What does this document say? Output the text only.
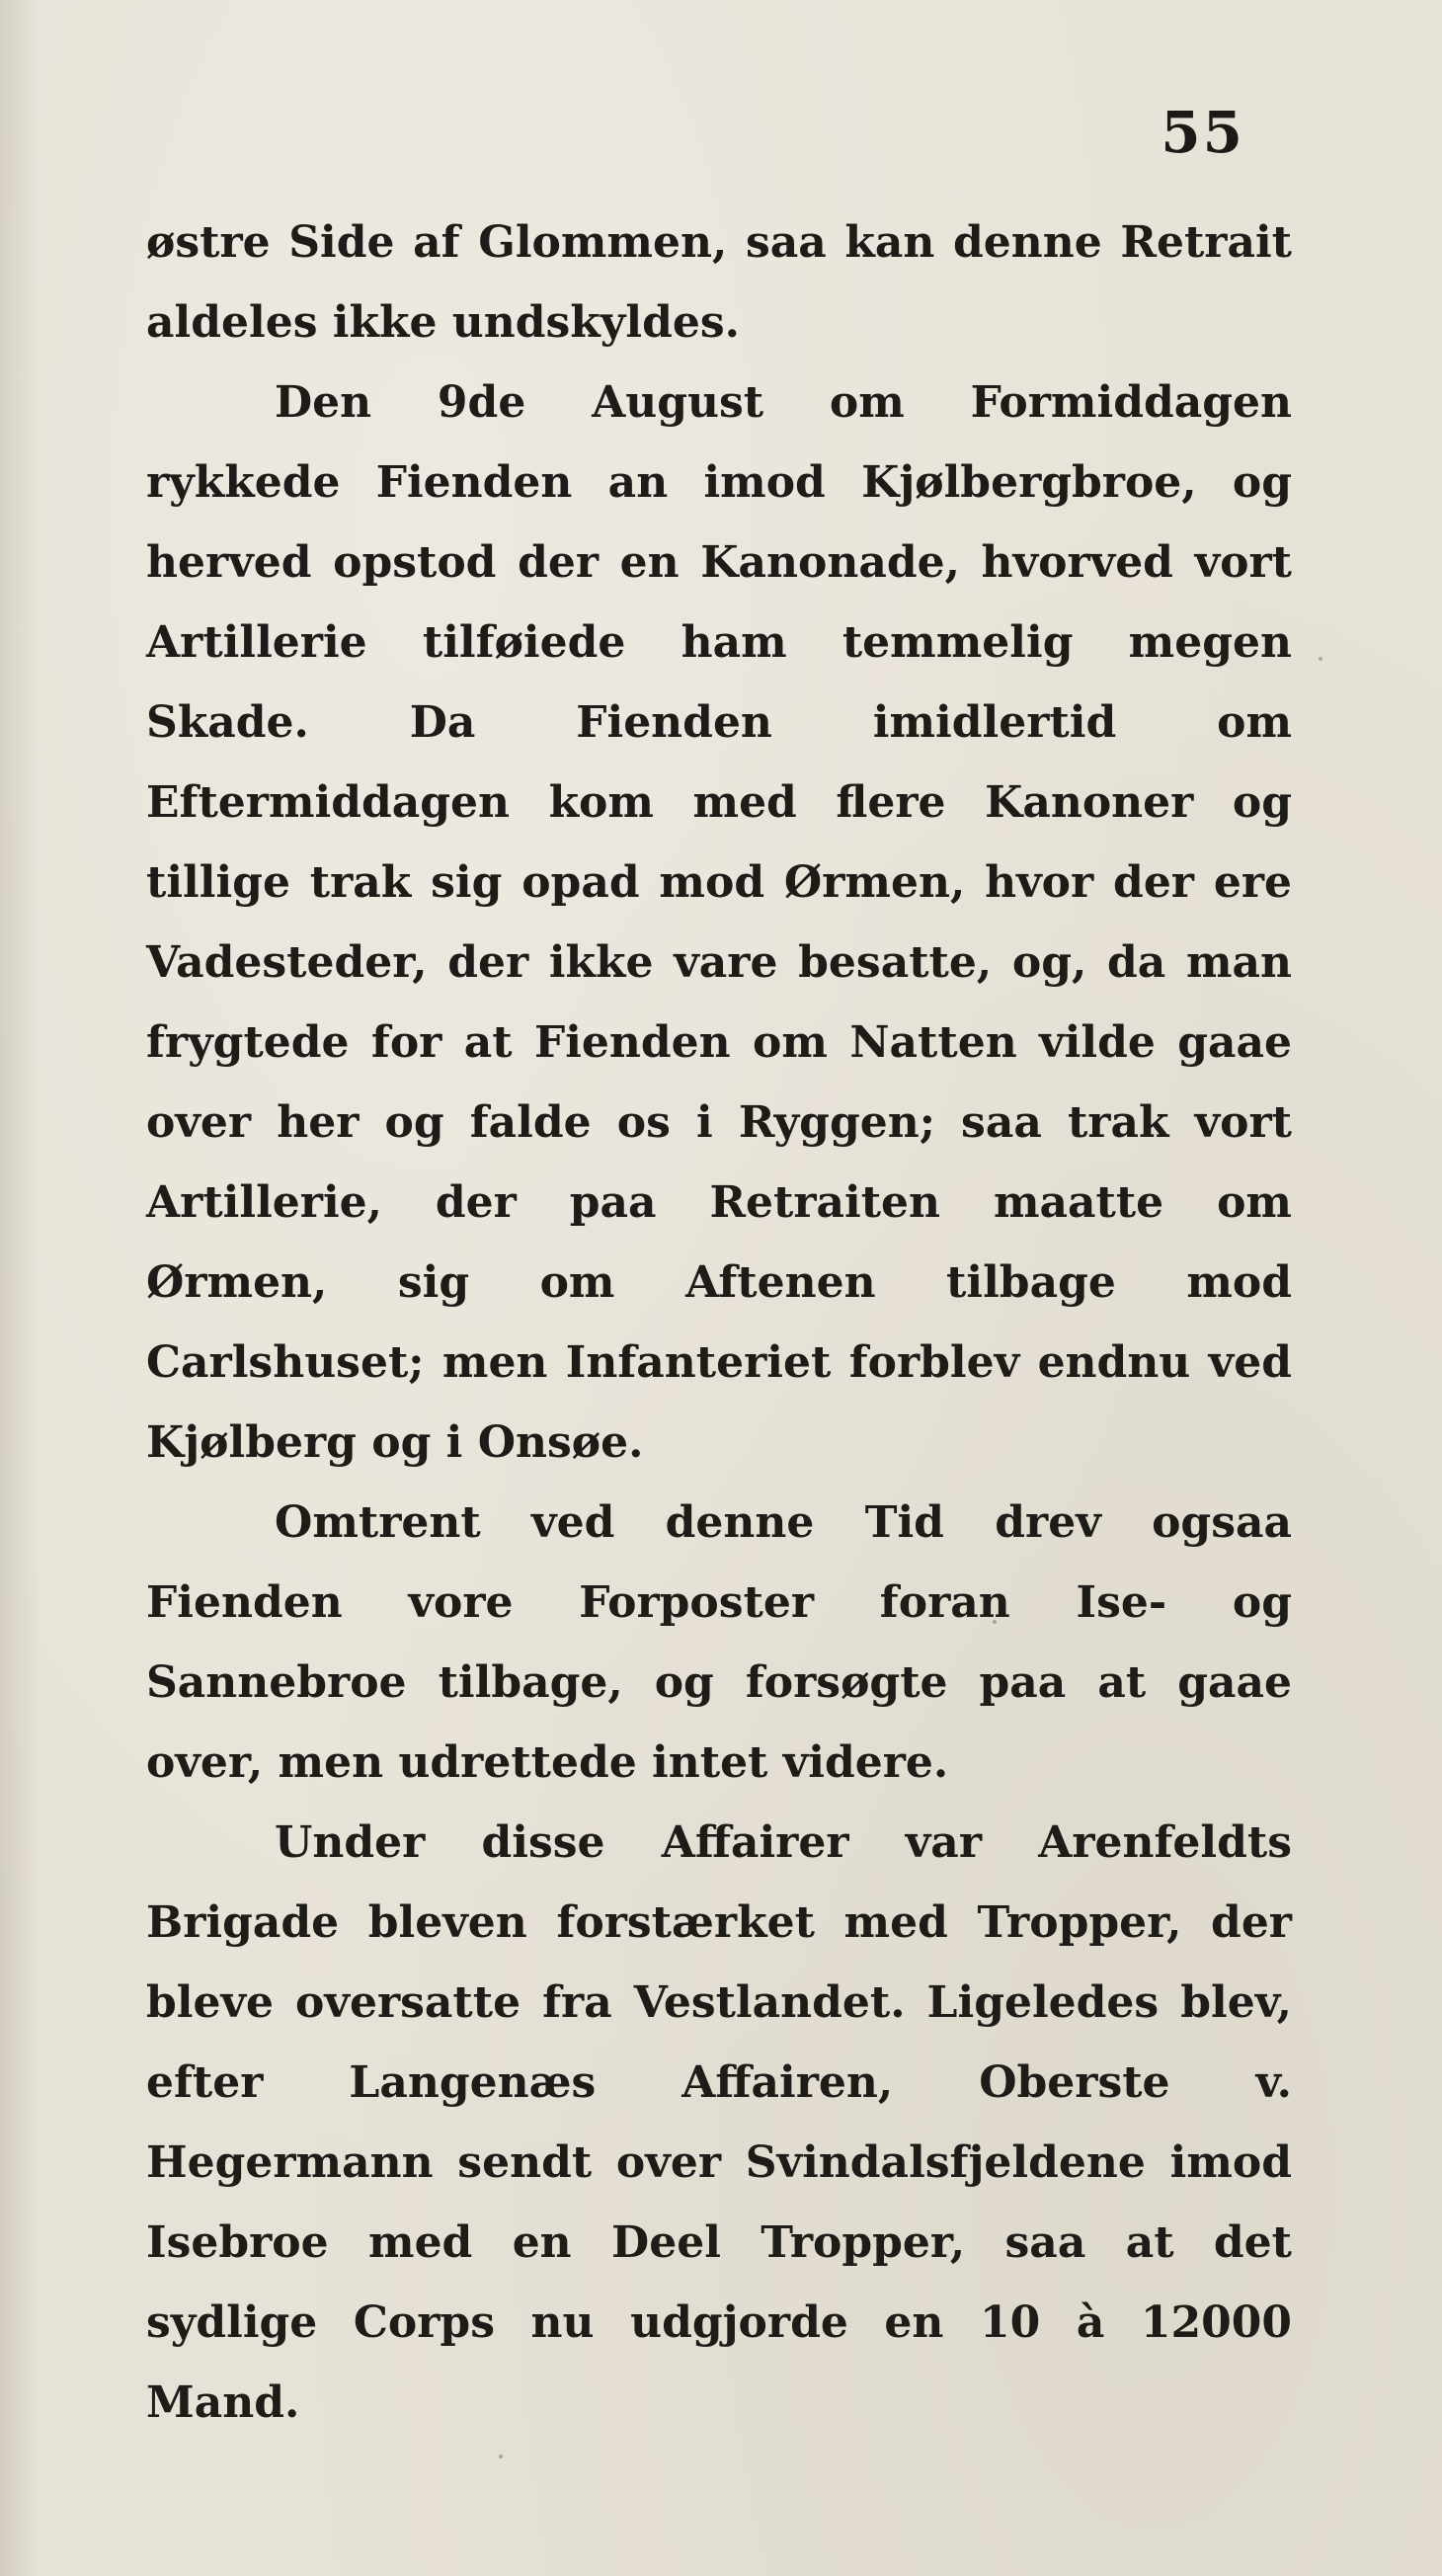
55

østre Side af Glommen, saa kan denne Retrait aldeles ikke undskyldes.

Den 9de August om Formiddagen rykkede Fienden an imod Kjølbergbroe, og herved opstod der en Kanonade, hvorved vort Artillerie tilføiede ham temmelig megen Skade. Da Fienden imidlertid om Eftermiddagen kom med flere Kanoner og tillige trak sig opad mod Ørmen, hvor der ere Vadesteder, der ikke vare besatte, og, da man frygtede for at Fienden om Natten vilde gaae over her og falde os i Ryggen; saa trak vort Artillerie, der paa Retraiten maatte om Ørmen, sig om Aftenen tilbage mod Carlshuset; men Infanteriet forblev endnu ved Kjølberg og i Onsøe.

Omtrent ved denne Tid drev ogsaa Fienden vore Forposter foran Ise- og Sannebroe tilbage, og forsøgte paa at gaae over, men udrettede intet videre.

Under disse Affairer var Arenfeldts Brigade bleven forstærket med Tropper, der bleve oversatte fra Vestlandet. Ligeledes blev, efter Langenæs Affairen, Oberste v. Hegermann sendt over Svindalsfjeldene imod Isebroe med en Deel Tropper, saa at det sydlige Corps nu udgjorde en 10 à 12000 Mand.
